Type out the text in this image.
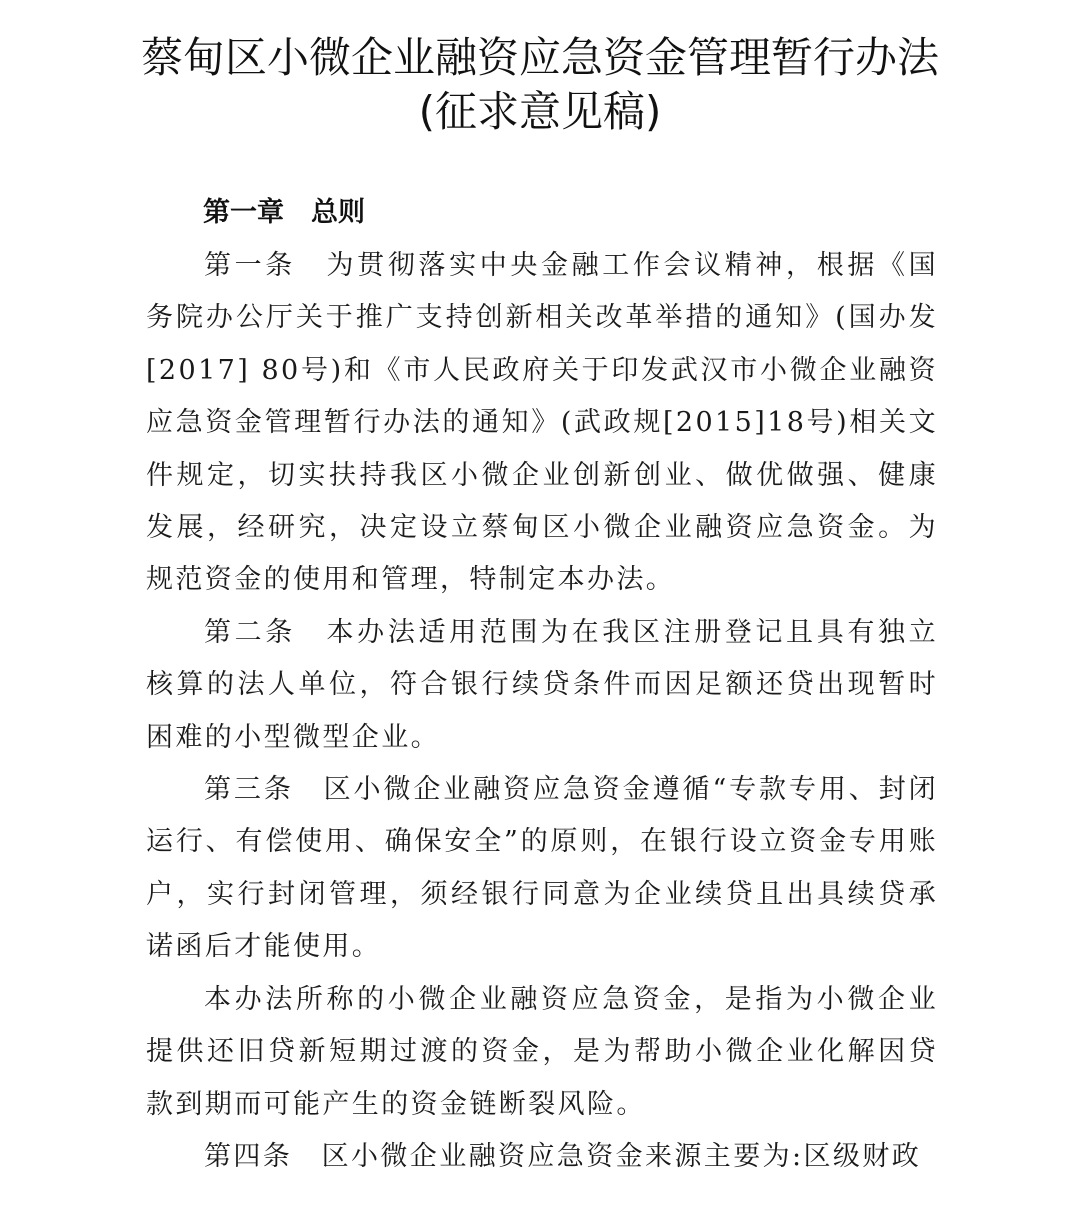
蔡甸区小微企业融资应急资金管理暂行办法
(征求意见稿)
第一章　总则

第一条　为贯彻落实中央金融工作会议精神，根据《国务院办公厅关于推广支持创新相关改革举措的通知》(国办发[2017] 80号)和《市人民政府关于印发武汉市小微企业融资应急资金管理暂行办法的通知》(武政规[2015]18号)相关文件规定，切实扶持我区小微企业创新创业、做优做强、健康发展，经研究，决定设立蔡甸区小微企业融资应急资金。为规范资金的使用和管理，特制定本办法。

第二条　本办法适用范围为在我区注册登记且具有独立核算的法人单位，符合银行续贷条件而因足额还贷出现暂时困难的小型微型企业。

第三条　区小微企业融资应急资金遵循“专款专用、封闭运行、有偿使用、确保安全”的原则，在银行设立资金专用账户，实行封闭管理，须经银行同意为企业续贷且出具续贷承诺函后才能使用。

本办法所称的小微企业融资应急资金，是指为小微企业提供还旧贷新短期过渡的资金，是为帮助小微企业化解因贷款到期而可能产生的资金链断裂风险。

第四条　区小微企业融资应急资金来源主要为:区级财政
